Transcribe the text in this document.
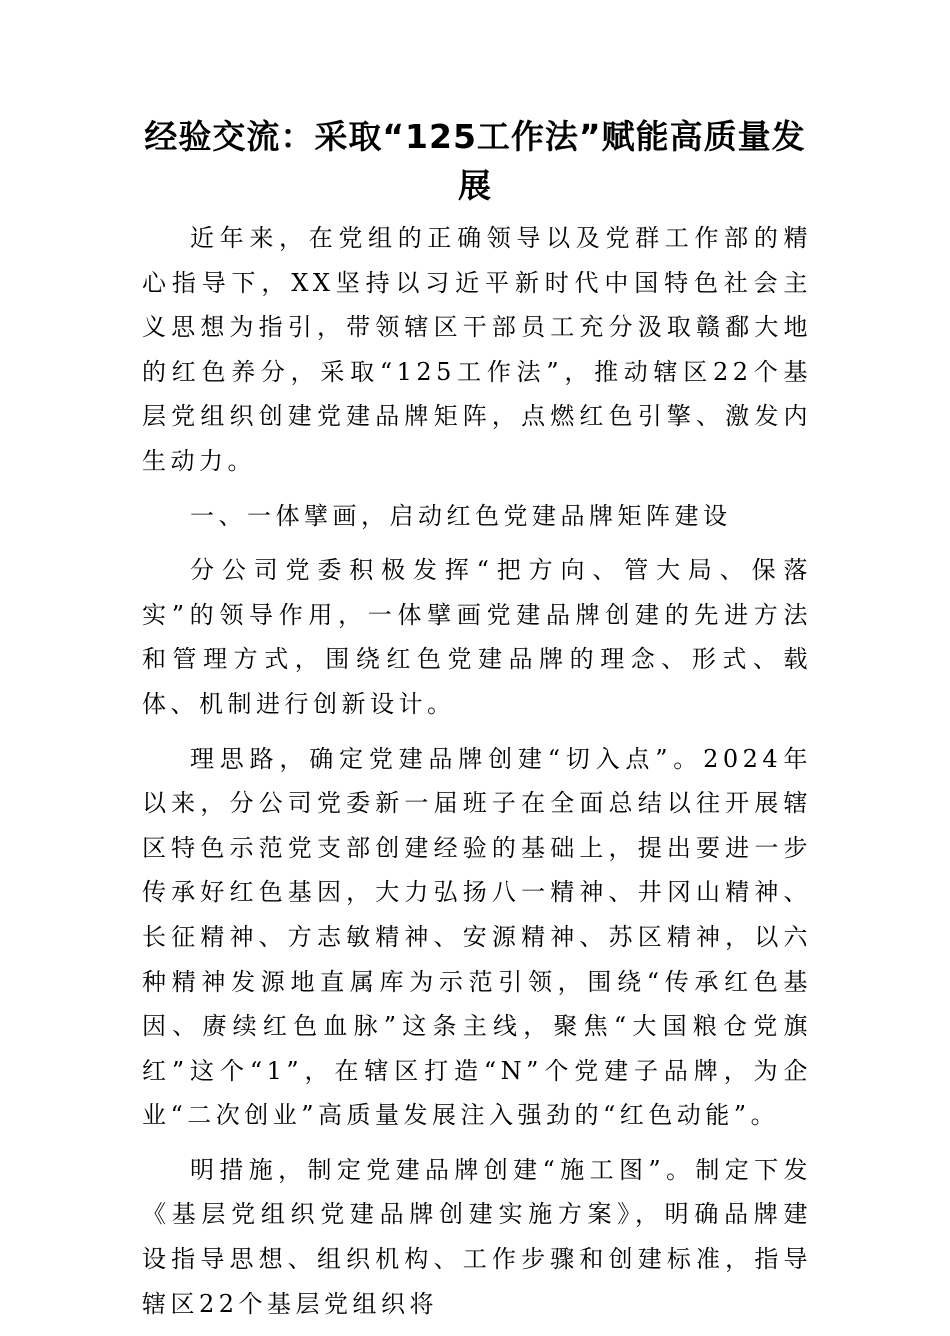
经验交流：采取“125工作法”赋能高质量发展

近年来，在党组的正确领导以及党群工作部的精心指导下，XX坚持以习近平新时代中国特色社会主义思想为指引，带领辖区干部员工充分汲取赣鄱大地的红色养分，采取“125工作法”，推动辖区22个基层党组织创建党建品牌矩阵，点燃红色引擎、激发内生动力。

一、一体擘画，启动红色党建品牌矩阵建设

分公司党委积极发挥“把方向、管大局、保落实”的领导作用，一体擘画党建品牌创建的先进方法和管理方式，围绕红色党建品牌的理念、形式、载体、机制进行创新设计。

理思路，确定党建品牌创建“切入点”。2024年以来，分公司党委新一届班子在全面总结以往开展辖区特色示范党支部创建经验的基础上，提出要进一步传承好红色基因，大力弘扬八一精神、井冈山精神、长征精神、方志敏精神、安源精神、苏区精神，以六种精神发源地直属库为示范引领，围绕“传承红色基因、赓续红色血脉”这条主线，聚焦“大国粮仓党旗红”这个“1”，在辖区打造“N”个党建子品牌，为企业“二次创业”高质量发展注入强劲的“红色动能”。

明措施，制定党建品牌创建“施工图”。制定下发《基层党组织党建品牌创建实施方案》，明确品牌建设指导思想、组织机构、工作步骤和创建标准，指导辖区22个基层党组织将
